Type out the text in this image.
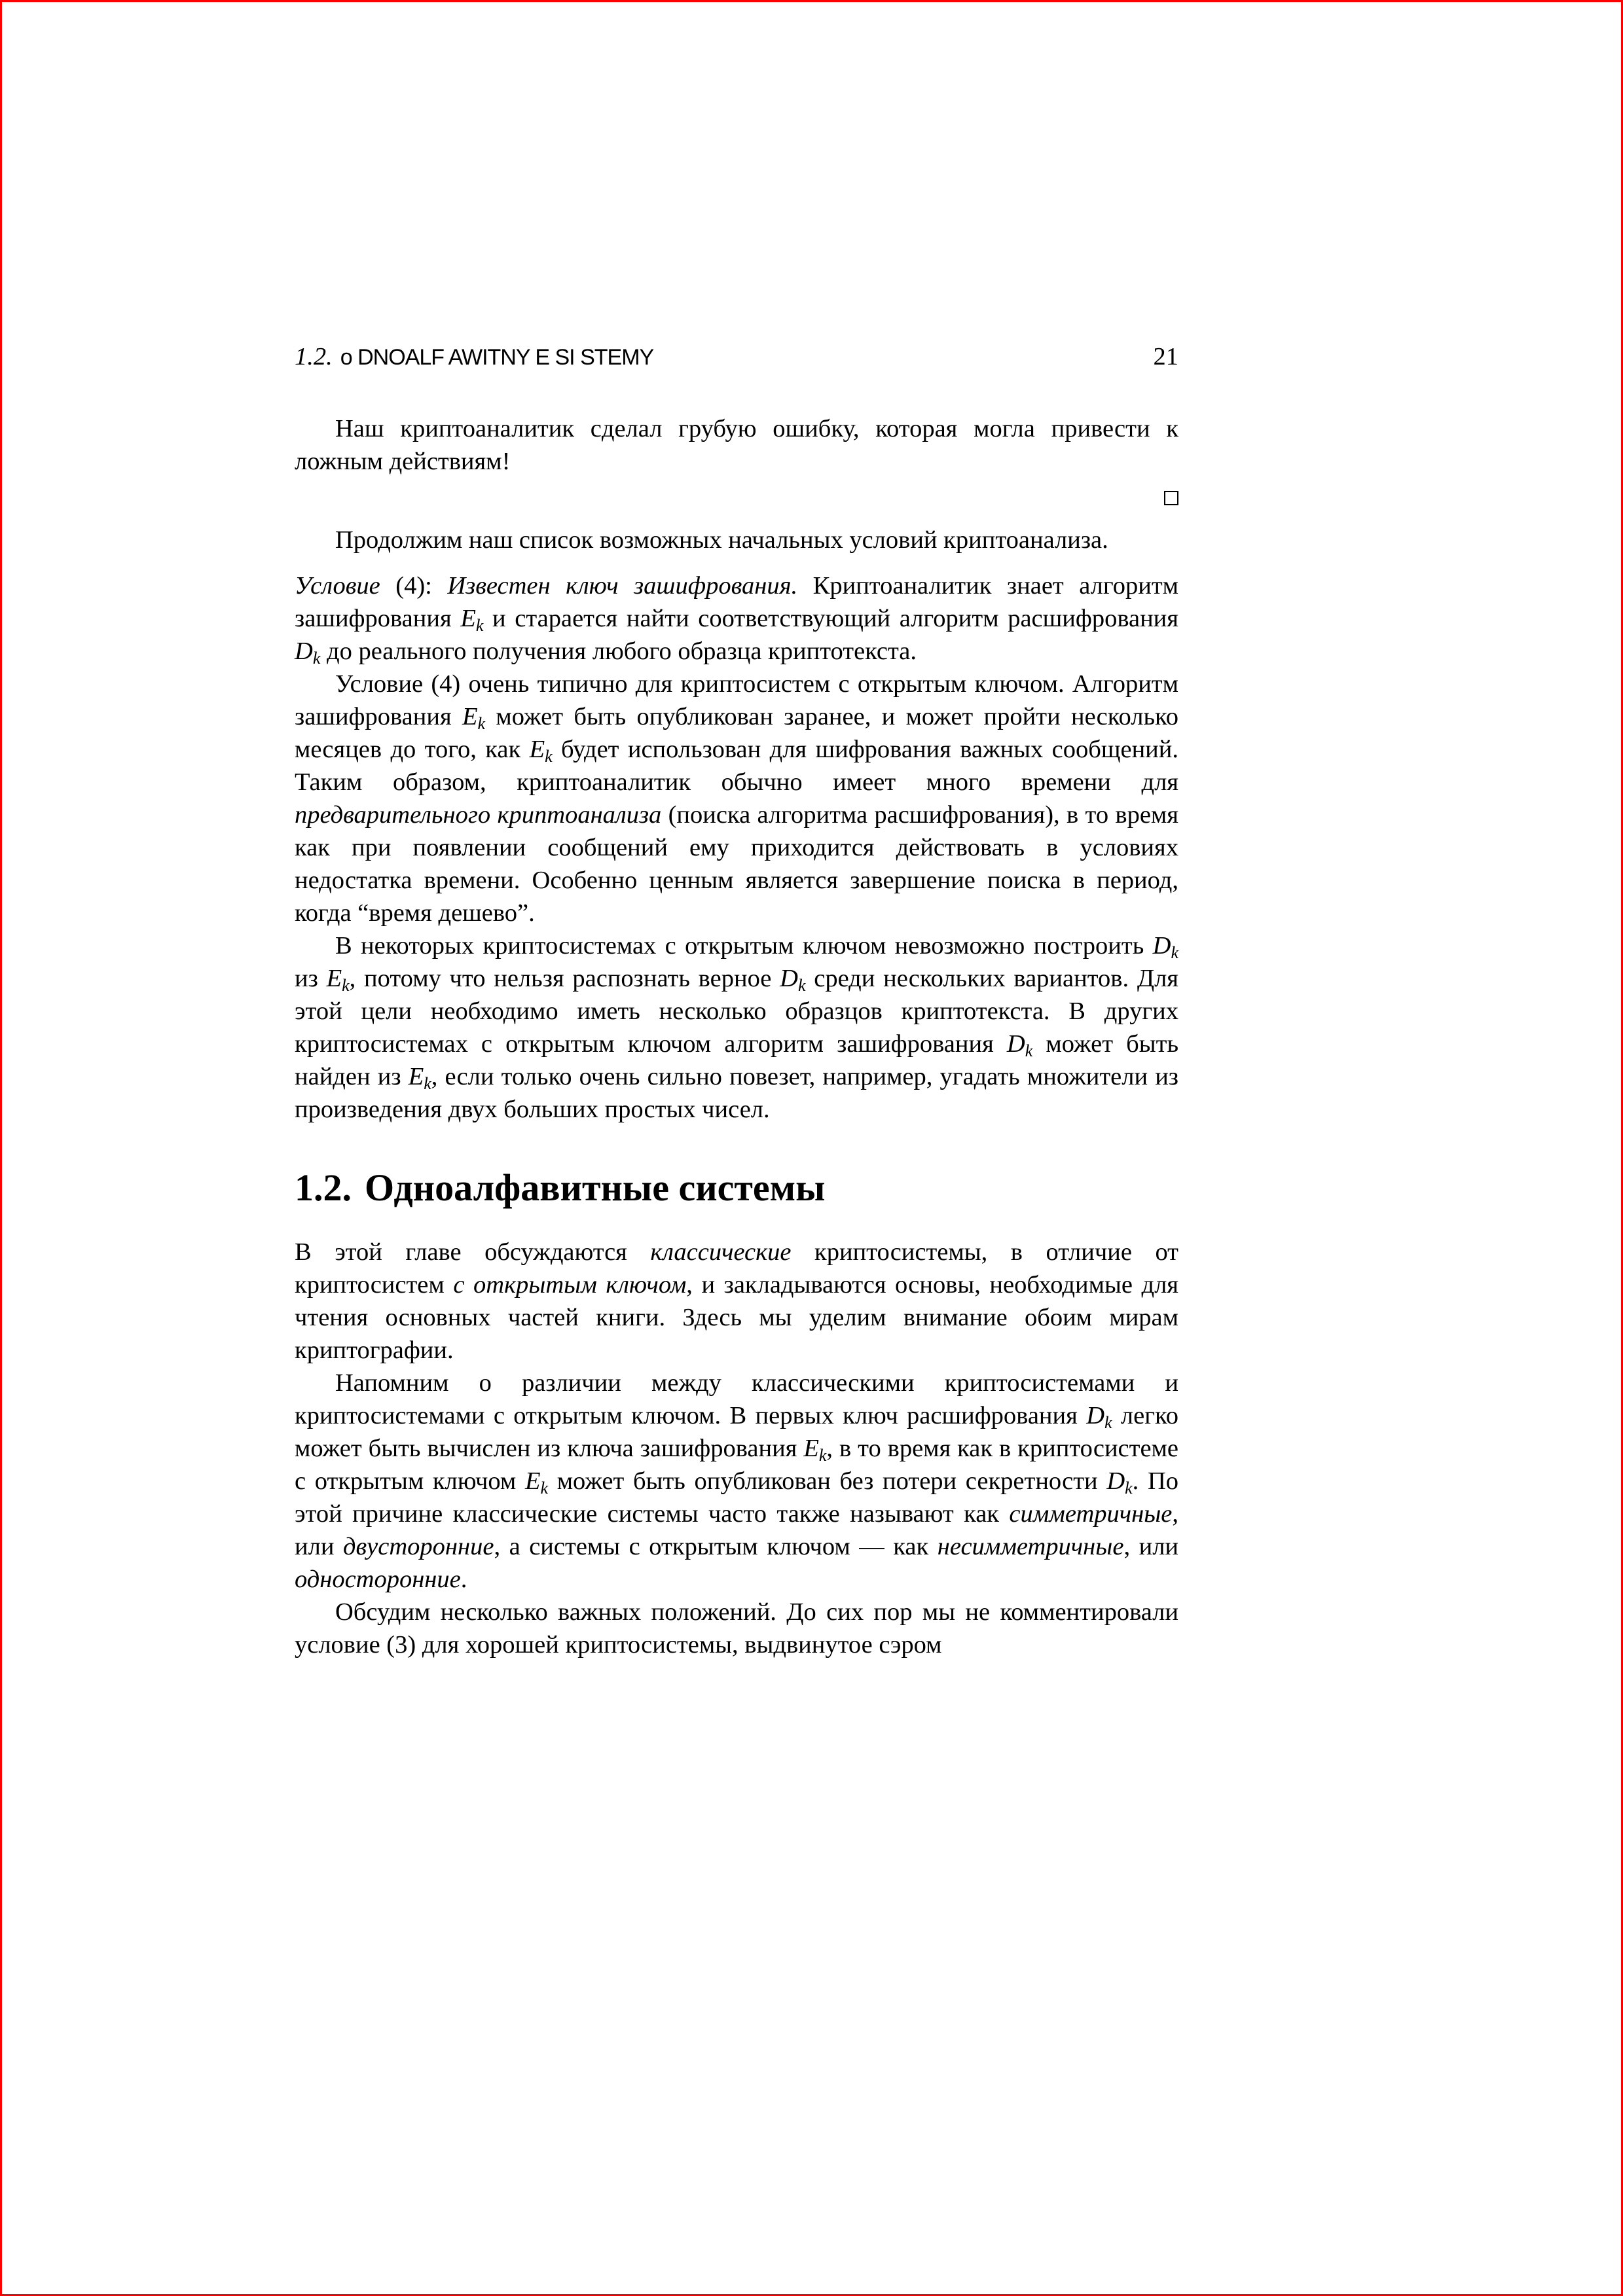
1.2. o DNOALF AWITNY E SI STEMY	21

Наш криптоаналитик сделал грубую ошибку, которая могла привести к ложным действиям!

Продолжим наш список возможных начальных условий криптоанализа.

Условие (4): Известен ключ зашифрования. Криптоаналитик знает алгоритм зашифрования $E_k$ и старается найти соответствующий алгоритм расшифрования $D_k$ до реального получения любого образца криптотекста.

Условие (4) очень типично для криптосистем с открытым ключом. Алгоритм зашифрования $E_k$ может быть опубликован заранее, и может пройти несколько месяцев до того, как $E_k$ будет использован для шифрования важных сообщений. Таким образом, криптоаналитик обычно имеет много времени для предварительного криптоанализа (поиска алгоритма расшифрования), в то время как при появлении сообщений ему приходится действовать в условиях недостатка времени. Особенно ценным является завершение поиска в период, когда “время дешево”.

В некоторых криптосистемах с открытым ключом невозможно построить $D_k$ из $E_k$, потому что нельзя распознать верное $D_k$ среди нескольких вариантов. Для этой цели необходимо иметь несколько образцов криптотекста. В других криптосистемах с открытым ключом алгоритм зашифрования $D_k$ может быть найден из $E_k$, если только очень сильно повезет, например, угадать множители из произведения двух больших простых чисел.

1.2. Одноалфавитные системы

В этой главе обсуждаются классические криптосистемы, в отличие от криптосистем с открытым ключом, и закладываются основы, необходимые для чтения основных частей книги. Здесь мы уделим внимание обоим мирам криптографии.

Напомним о различии между классическими криптосистемами и криптосистемами с открытым ключом. В первых ключ расшифрования $D_k$ легко может быть вычислен из ключа зашифрования $E_k$, в то время как в криптосистеме с открытым ключом $E_k$ может быть опубликован без потери секретности $D_k$. По этой причине классические системы часто также называют как симметричные, или двусторонние, а системы с открытым ключом — как несимметричные, или односторонние.

Обсудим несколько важных положений. До сих пор мы не комментировали условие (3) для хорошей криптосистемы, выдвинутое сэром
